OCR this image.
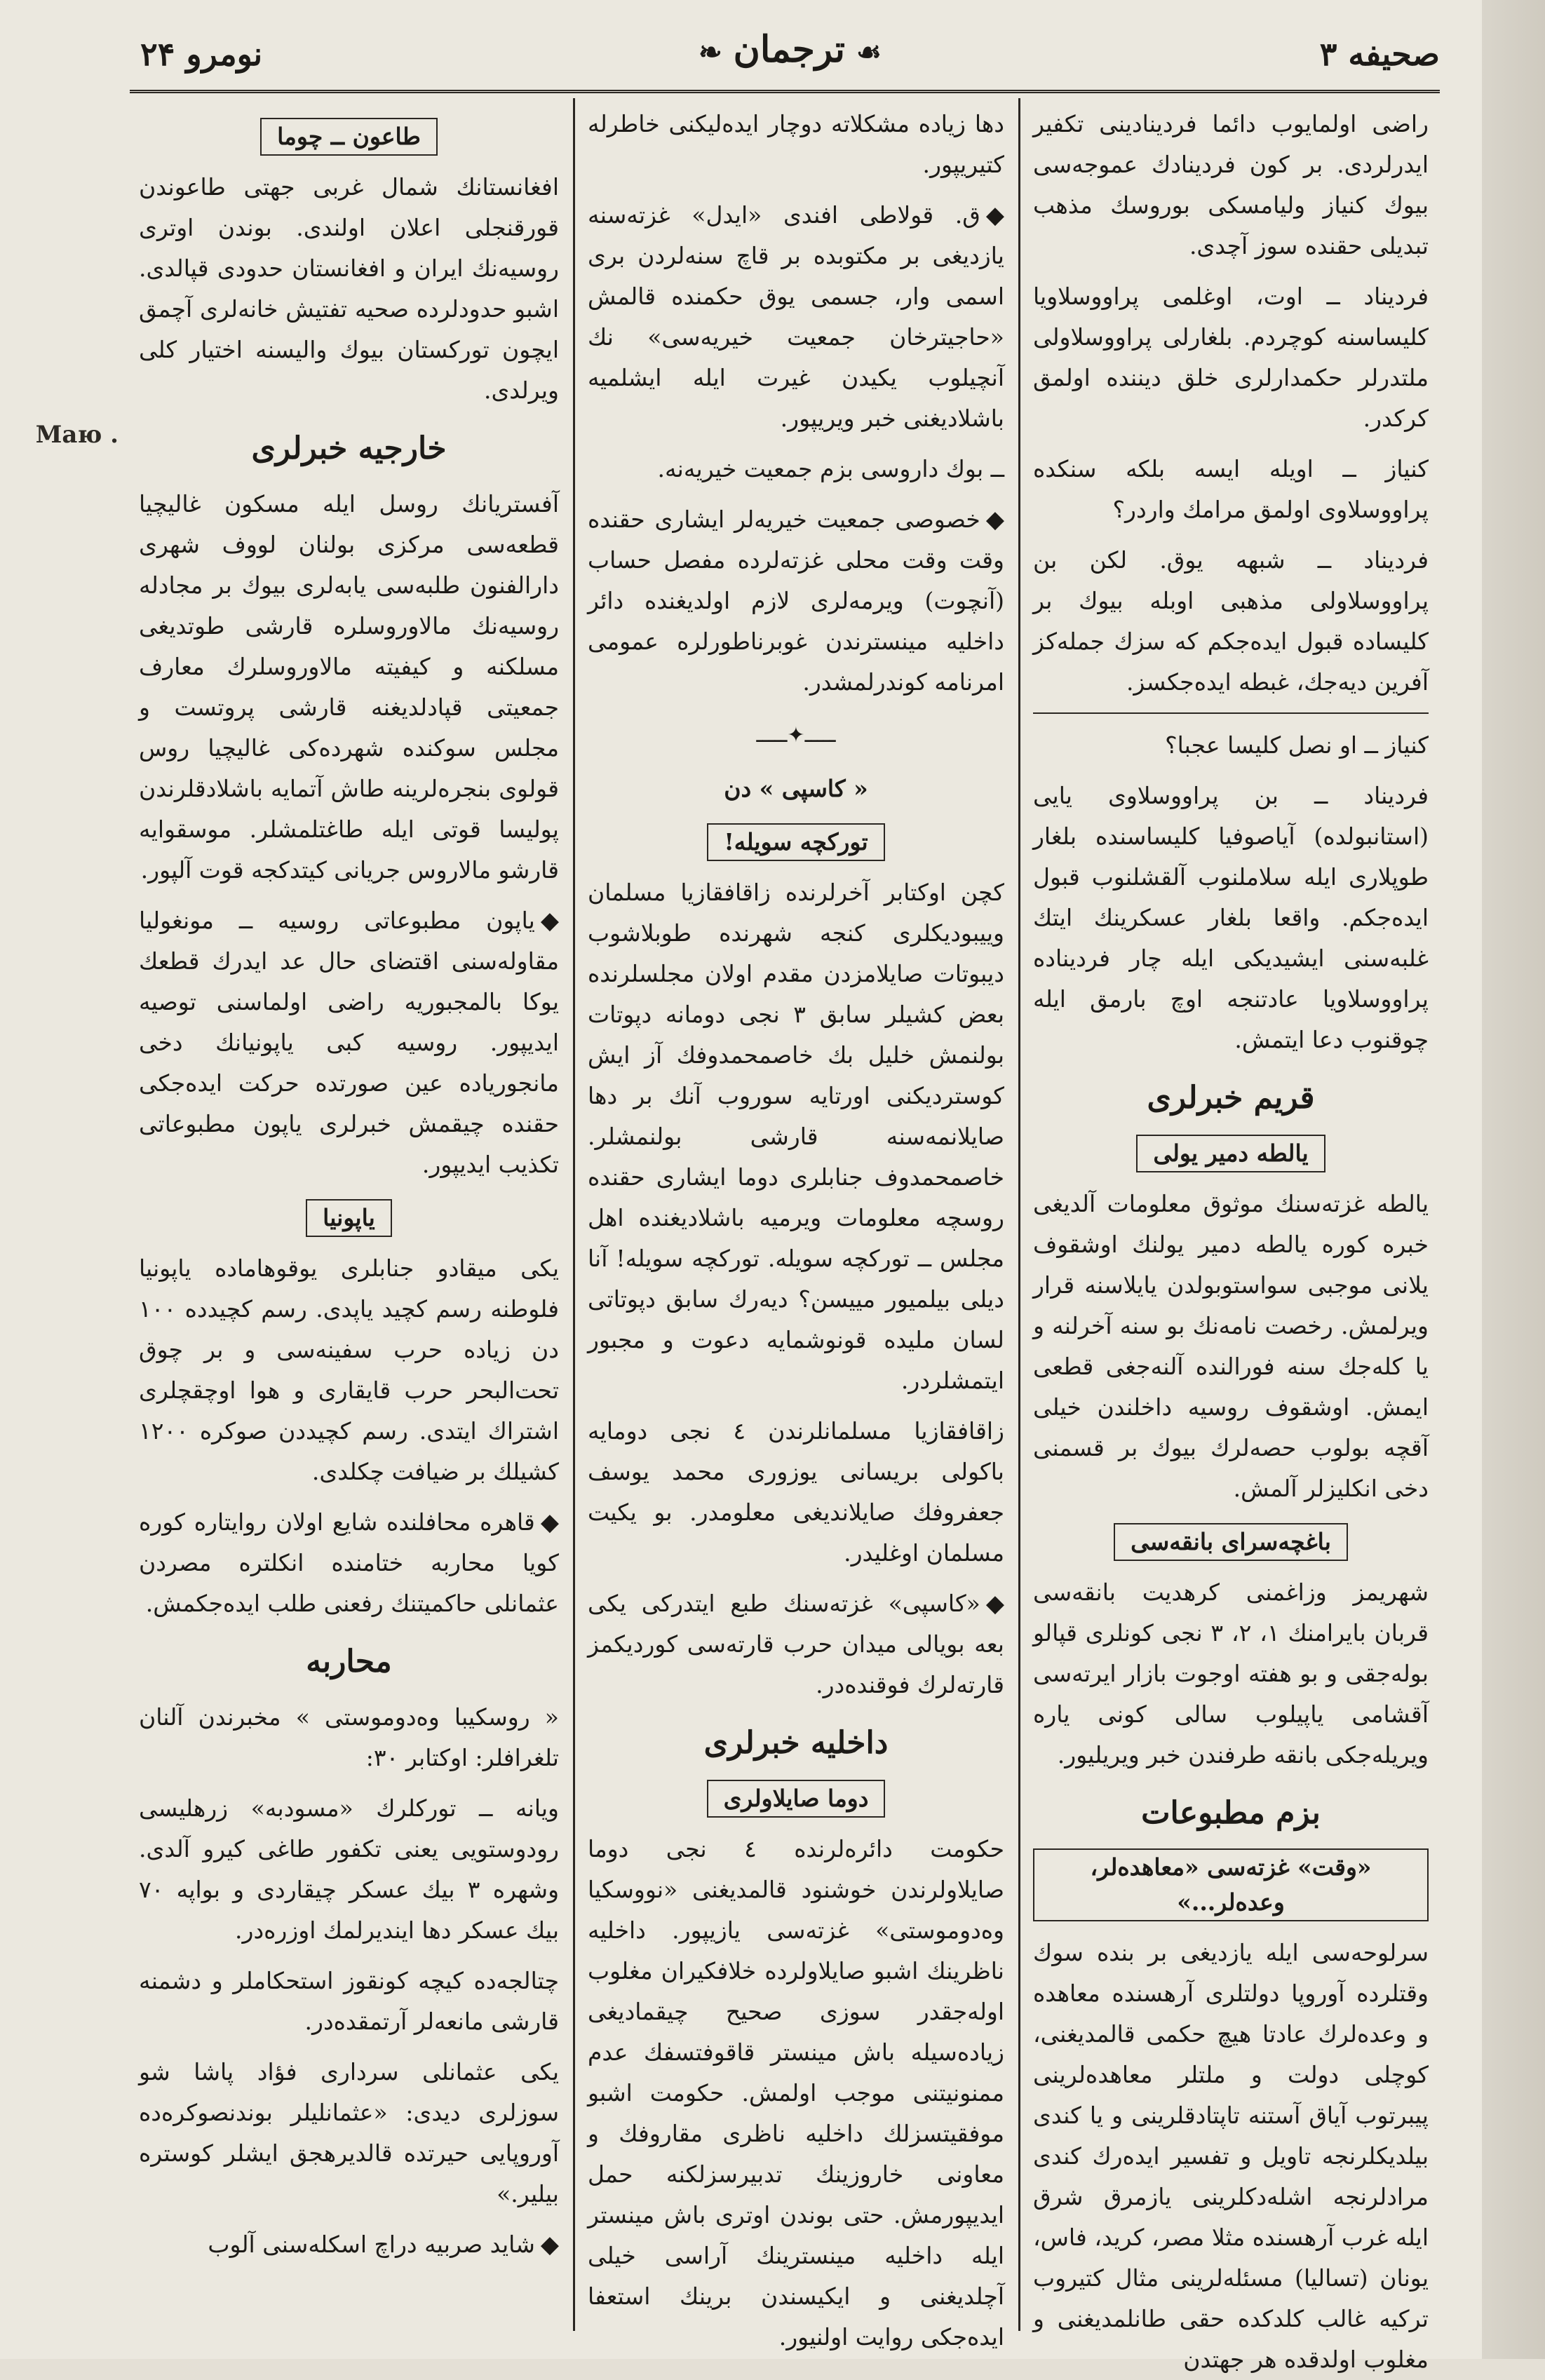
Маю .
صحیفه ۳
☙ترجمان❧
نومرو ۲۴

راضی اولمایوب دائما فردینادینی تکفیر ایدرلردی. بر کون فردینادك عموجه‌سی بیوك کنیاز ولیامسکی بوروسك مذهب تبدیلی حقنده سوز آچدی.

فردیناد ــ اوت، اوغلمی پراووسلاویا کلیساسنه کوچردم. بلغارلی پراووسلاولی ملتدرلر حکمدارلری خلق دیننده اولمق کرکدر.

کنیاز ــ اویله ایسه بلکه سنکده پراووسلاوی اولمق مرامك واردر؟

فردیناد ــ شبهه یوق. لکن بن پراووسلاولی مذهبی اوبله بیوك بر کلیساده قبول ایده‌جکم که سزك جمله‌کز آفرین دیه‌جك، غبطه ایده‌جکسز.

کنیاز ــ او نصل کلیسا عجبا؟

فردیناد ــ بن پراووسلاوی یایی (استانبولده) آیاصوفیا کلیساسنده بلغار طوپلاری ایله سلاملنوب آلقشلنوب قبول ایده‌جکم. واقعا بلغار عسکرینك ایتك غلبه‌سنی ایشیدیکی ایله چار فردیناده پراووسلاویا عادتنجه اوچ بارمق ایله چوقنوب دعا ایتمش.

قریم خبرلری
یالطه دمیر یولی

یالطه غزته‌سنك موثوق معلومات آلدیغی خبره کوره یالطه دمیر یولنك اوشقوف یلانی موجبی سواستوبولدن یایلاسنه قرار ویرلمش. رخصت نامه‌نك بو سنه آخرلنه و یا کله‌جك سنه فورالنده آلنه‌جغی قطعی ایمش. اوشقوف روسیه داخلندن خیلی آقچه بولوب حصه‌لرك بیوك بر قسمنی دخی انکلیزلر آلمش.

باغچه‌سرای بانقه‌سی

شهریمز وزاغمنی کرهدیت بانقه‌سی قربان بایرامنك ۱، ۲، ۳ نجی کونلری قپالو بوله‌جقی و بو هفته اوجوت بازار ایرته‌سی آقشامی یاپیلوب سالی کونی یاره ویریله‌جکی بانقه طرفندن خبر ویریلیور.

بزم مطبوعات
«وقت» غزته‌سی «معاهده‌لر، وعده‌لر...»

سرلوحه‌سی ایله یازدیغی بر بنده سوك وقتلرده آوروپا دولتلری آرهسنده معاهده و وعده‌لرك عادتا هیچ حکمی قالمدیغنی، کوچلی دولت و ملتلر معاهده‌لرینی پیبرتوب آیاق آستنه تاپتادقلرینی و یا کندی بیلدیکلرنجه تاویل و تفسیر ایده‌رك کندی مرادلرنجه اشله‌دکلرینی یازمرق شرق ایله غرب آرهسنده مثلا مصر، کرید، فاس، یونان (تسالیا) مسئله‌لرینی مثال کتیروب ترکیه غالب کلدکده حقی طانلمدیغنی و مغلوب اولدقده هر جهتدن

دها زیاده مشکلاته دوچار ایده‌لیکنی خاطرله کتیریپور.

◆ق. قولاطی افندی «ایدل» غزته‌سنه یازدیغی بر مکتوبده بر قاچ سنه‌لردن بری اسمی وار، جسمی یوق حکمنده قالمش «حاجیترخان جمعیت خیریه‌سی» نك آنچیلوب یکیدن غیرت ایله ایشلمیه باشلادیغنی خبر ویریپور.

ــ بوك داروسی بزم جمعیت خیریه‌نه.

◆خصوصی جمعیت خیریه‌لر ایشاری حقنده وقت وقت محلی غزته‌لرده مفصل حساب (آنچوت) ویرمه‌لری لازم اولدیغنده دائر داخلیه مینسترندن غوبرناطورلره عمومی امرنامه کوندرلمشدر.

ـــــ✦ـــــ
« کاسپی » دن
توركچه سویله!

کچن اوکتابر آخرلرنده زاقافقازیا مسلمان وییبودیکلری کنجه شهرنده طوبلاشوب دیبوتات صایلامزدن مقدم اولان مجلسلرنده بعض کشیلر سابق ۳ نجی دومانه دپوتات بولنمش خلیل بك خاصمحمدوفك آز ایش کوستردیکنی اورتایه سوروب آنك بر دها صایلانمه‌سنه قارشی بولنمشلر. خاصمحمدوف جنابلری دوما ایشاری حقنده روسچه معلومات ویرمیه باشلادیغنده اهل مجلس ــ توركچه سویله. توركچه سویله! آنا دیلی بیلمیور مییسن؟ دیه‌رك سابق دپوتاتی لسان ملیده قونوشمایه دعوت و مجبور ایتمشلردر.

زاقافقازیا مسلمانلرندن ٤ نجی دومایه باکولی بریسانی یوزوری محمد یوسف جعفروفك صایلاندیغی معلومدر. بو یکیت مسلمان اوغلیدر.

◆«کاسپی» غزته‌سنك طبع ایتدرکی یکی بعه بویالی میدان حرب قارته‌سی کوردیکمز قارته‌لرك فوقنده‌در.

داخلیه خبرلری
دوما صایلاولری

حکومت دائره‌لرنده ٤ نجی دوما صایلاولرندن خوشنود قالمدیغنی «نووسکیا وەدوموستی» غزته‌سی یازیپور. داخلیه ناظرینك اشبو صایلاولرده خلافکیران مغلوب اوله‌جقدر سوزی صحیح چیقمادیغی زیاده‌سیله باش مینستر قاقوفتسفك عدم ممنونیتنی موجب اولمش. حکومت اشبو موفقیتسزلك داخلیه ناظری مقاروفك و معاونی خاروزینك تدبیرسزلکنه حمل ایدیپورمش. حتی بوندن اوتری باش مینستر ایله داخلیه مینسترینك آراسی خیلی آچلدیغنی و ایکیسندن برینك استعفا ایده‌جکی روایت اولنیور.

طاعون ــ چوما

افغانستانك شمال غربی جهتی طاعوندن قورقنجلی اعلان اولندی. بوندن اوتری روسیه‌نك ایران و افغانستان حدودی قپالدی. اشبو حدودلرده صحیه تفتیش خانه‌لری آچمق ایچون توركستان بیوك والیسنه اختیار کلی ویرلدی.

خارجیه خبرلری

آفستریانك روسل ایله مسکون غالیچیا قطعه‌سی مرکزی بولنان لووف شهری دارالفنون طلبه‌سی یابه‌لری بیوك بر مجادله روسیه‌نك مالاوروسلره قارشی طوتدیغی مسلکنه و کیفیته مالاوروسلرك معارف جمعیتی قپادلدیغنه قارشی پروتست و مجلس سوکنده شهرده‌کی غالیچیا روس قولوی بنجره‌لرینه طاش آتمایه باشلادقلرندن پولیسا قوتی ایله طاغتلمشلر. موسقوایه قارشو مالاروس جریانی کیتدکجه قوت آلپور.

◆یاپون مطبوعاتی روسیه ــ مونغولیا مقاوله‌سنی اقتضای حال عد ایدرك قطعك یوکا بالمجبوریه راضی اولماسنی توصیه ایدیپور. روسیه کبی یاپونیانك دخی مانجوریاده عین صورتده حرکت ایده‌جکی حقنده چیقمش خبرلری یاپون مطبوعاتی تکذیب ایدیپور.

یاپونیا

یکی میقادو جنابلری یوقوهامادە یاپونیا فلوطنه رسم کچید یاپدی. رسم کچیدده ۱۰۰ دن زیاده حرب سفینه‌سی و بر چوق تحت‌البحر حرب قایقاری و هوا اوچقچلری اشتراك ایتدی. رسم کچیددن صوکره ۱۲۰۰ کشیلك بر ضیافت چکلدی.

◆قاهره محافلنده شایع اولان روایتاره کوره کویا محاربه ختامنده انکلتره مصردن عثمانلی حاکمیتنك رفعنی طلب ایده‌جکمش.

محاربه

« روسکیبا وەدوموستی » مخبرندن آلنان تلغرافلر: اوکتابر ۳۰:

ویانه ــ تورکلرك «مسودبه» زرهلیسی رودوستویی یعنی تکفور طاغی کیرو آلدی. وشهره ۳ بیك عسکر چیقاردی و بواپه ۷۰ بیك عسکر دها ایندیرلمك اوزره‌در.

چتالجه‌ده کیچه کونقوز استحکاملر و دشمنه قارشی مانعه‌لر آرتمقده‌در.

یکی عثمانلی سرداری فؤاد پاشا شو سوزلری دیدی: «عثمانلیلر بوندنصوکره‌ده آوروپایی حیرتده قالدیرهجق ایشلر کوستره بیلیر.»

◆شاید صربیه دراچ اسکله‌سنی آلوب
